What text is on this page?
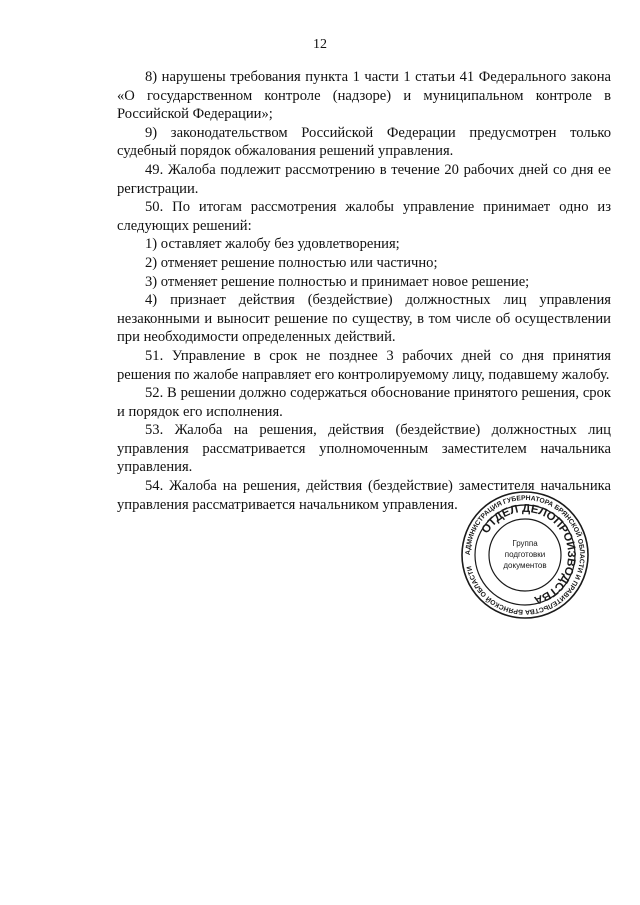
12

8) нарушены требования пункта 1 части 1 статьи 41 Федерального закона «О государственном контроле (надзоре) и муниципальном контроле в Российской Федерации»;

9) законодательством Российской Федерации предусмотрен только судебный порядок обжалования решений управления.

49. Жалоба подлежит рассмотрению в течение 20 рабочих дней со дня ее регистрации.

50. По итогам рассмотрения жалобы управление принимает одно из следующих решений:

1) оставляет жалобу без удовлетворения;

2) отменяет решение полностью или частично;

3) отменяет решение полностью и принимает новое решение;

4) признает действия (бездействие) должностных лиц управления незаконными и выносит решение по существу, в том числе об осуществлении при необходимости определенных действий.

51. Управление в срок не позднее 3 рабочих дней со дня принятия решения по жалобе направляет его контролируемому лицу, подавшему жалобу.

52. В решении должно содержаться обоснование принятого решения, срок и порядок его исполнения.

53. Жалоба на решения, действия (бездействие) должностных лиц управления рассматривается уполномоченным заместителем начальника управления.

54. Жалоба на решения, действия (бездействие) заместителя начальника управления рассматривается начальником управления.

АДМИНИСТРАЦИЯ ГУБЕРНАТОРА БРЯНСКОЙ ОБЛАСТИ И ПРАВИТЕЛЬСТВА БРЯНСКОЙ ОБЛАСТИ
ОТДЕЛ ДЕЛОПРОИЗВОДСТВА
Группа
подготовки
документов
